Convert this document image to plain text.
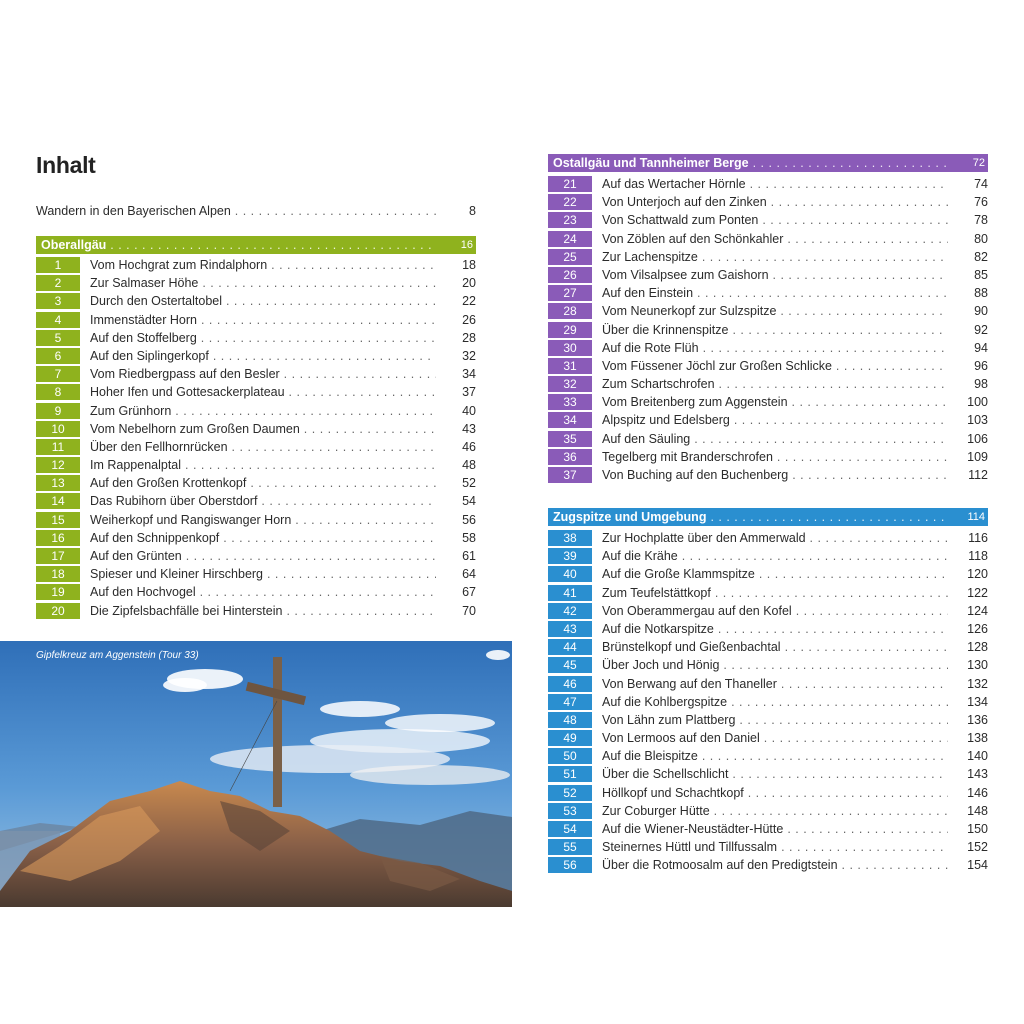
Inhalt
Wandern in den Bayerischen Alpen . . .	8
Oberallgäu . . .	16
1	Vom Hochgrat zum Rindalphorn . . .	18
2	Zur Salmaser Höhe . . .	20
3	Durch den Ostertaltobel . . .	22
4	Immenstädter Horn . . .	26
5	Auf den Stoffelberg . . .	28
6	Auf den Siplingerkopf . . .	32
7	Vom Riedbergpass auf den Besler . . .	34
8	Hoher Ifen und Gottesackerplateau . . .	37
9	Zum Grünhorn . . .	40
10	Vom Nebelhorn zum Großen Daumen . . .	43
11	Über den Fellhornrücken . . .	46
12	Im Rappenalptal . . .	48
13	Auf den Großen Krottenkopf . . .	52
14	Das Rubihorn über Oberstdorf . . .	54
15	Weiherkopf und Rangiswanger Horn . . .	56
16	Auf den Schnippenkopf . . .	58
17	Auf den Grünten . . .	61
18	Spieser und Kleiner Hirschberg . . .	64
19	Auf den Hochvogel . . .	67
20	Die Zipfelsbachfälle bei Hinterstein . . .	70
Gipfelkreuz am Aggenstein (Tour 33)
Ostallgäu und Tannheimer Berge . . .	72
21	Auf das Wertacher Hörnle . . .	74
22	Von Unterjoch auf den Zinken . . .	76
23	Von Schattwald zum Ponten . . .	78
24	Von Zöblen auf den Schönkahler . . .	80
25	Zur Lachenspitze . . .	82
26	Vom Vilsalpsee zum Gaishorn . . .	85
27	Auf den Einstein . . .	88
28	Vom Neunerkopf zur Sulzspitze . . .	90
29	Über die Krinnenspitze . . .	92
30	Auf die Rote Flüh . . .	94
31	Vom Füssener Jöchl zur Großen Schlicke . . .	96
32	Zum Schartschrofen . . .	98
33	Vom Breitenberg zum Aggenstein . . .	100
34	Alpspitz und Edelsberg . . .	103
35	Auf den Säuling . . .	106
36	Tegelberg mit Branderschrofen . . .	109
37	Von Buching auf den Buchenberg . . .	112
Zugspitze und Umgebung . . .	114
38	Zur Hochplatte über den Ammerwald . . .	116
39	Auf die Krähe . . .	118
40	Auf die Große Klammspitze . . .	120
41	Zum Teufelstättkopf . . .	122
42	Von Oberammergau auf den Kofel . . .	124
43	Auf die Notkarspitze . . .	126
44	Brünstelkopf und Gießenbachtal . . .	128
45	Über Joch und Hönig . . .	130
46	Von Berwang auf den Thaneller . . .	132
47	Auf die Kohlbergspitze . . .	134
48	Von Lähn zum Plattberg . . .	136
49	Von Lermoos auf den Daniel . . .	138
50	Auf die Bleispitze . . .	140
51	Über die Schellschlicht . . .	143
52	Höllkopf und Schachtkopf . . .	146
53	Zur Coburger Hütte . . .	148
54	Auf die Wiener-Neustädter-Hütte . . .	150
55	Steinernes Hüttl und Tillfussalm . . .	152
56	Über die Rotmoosalm auf den Predigtstein . . .	154
